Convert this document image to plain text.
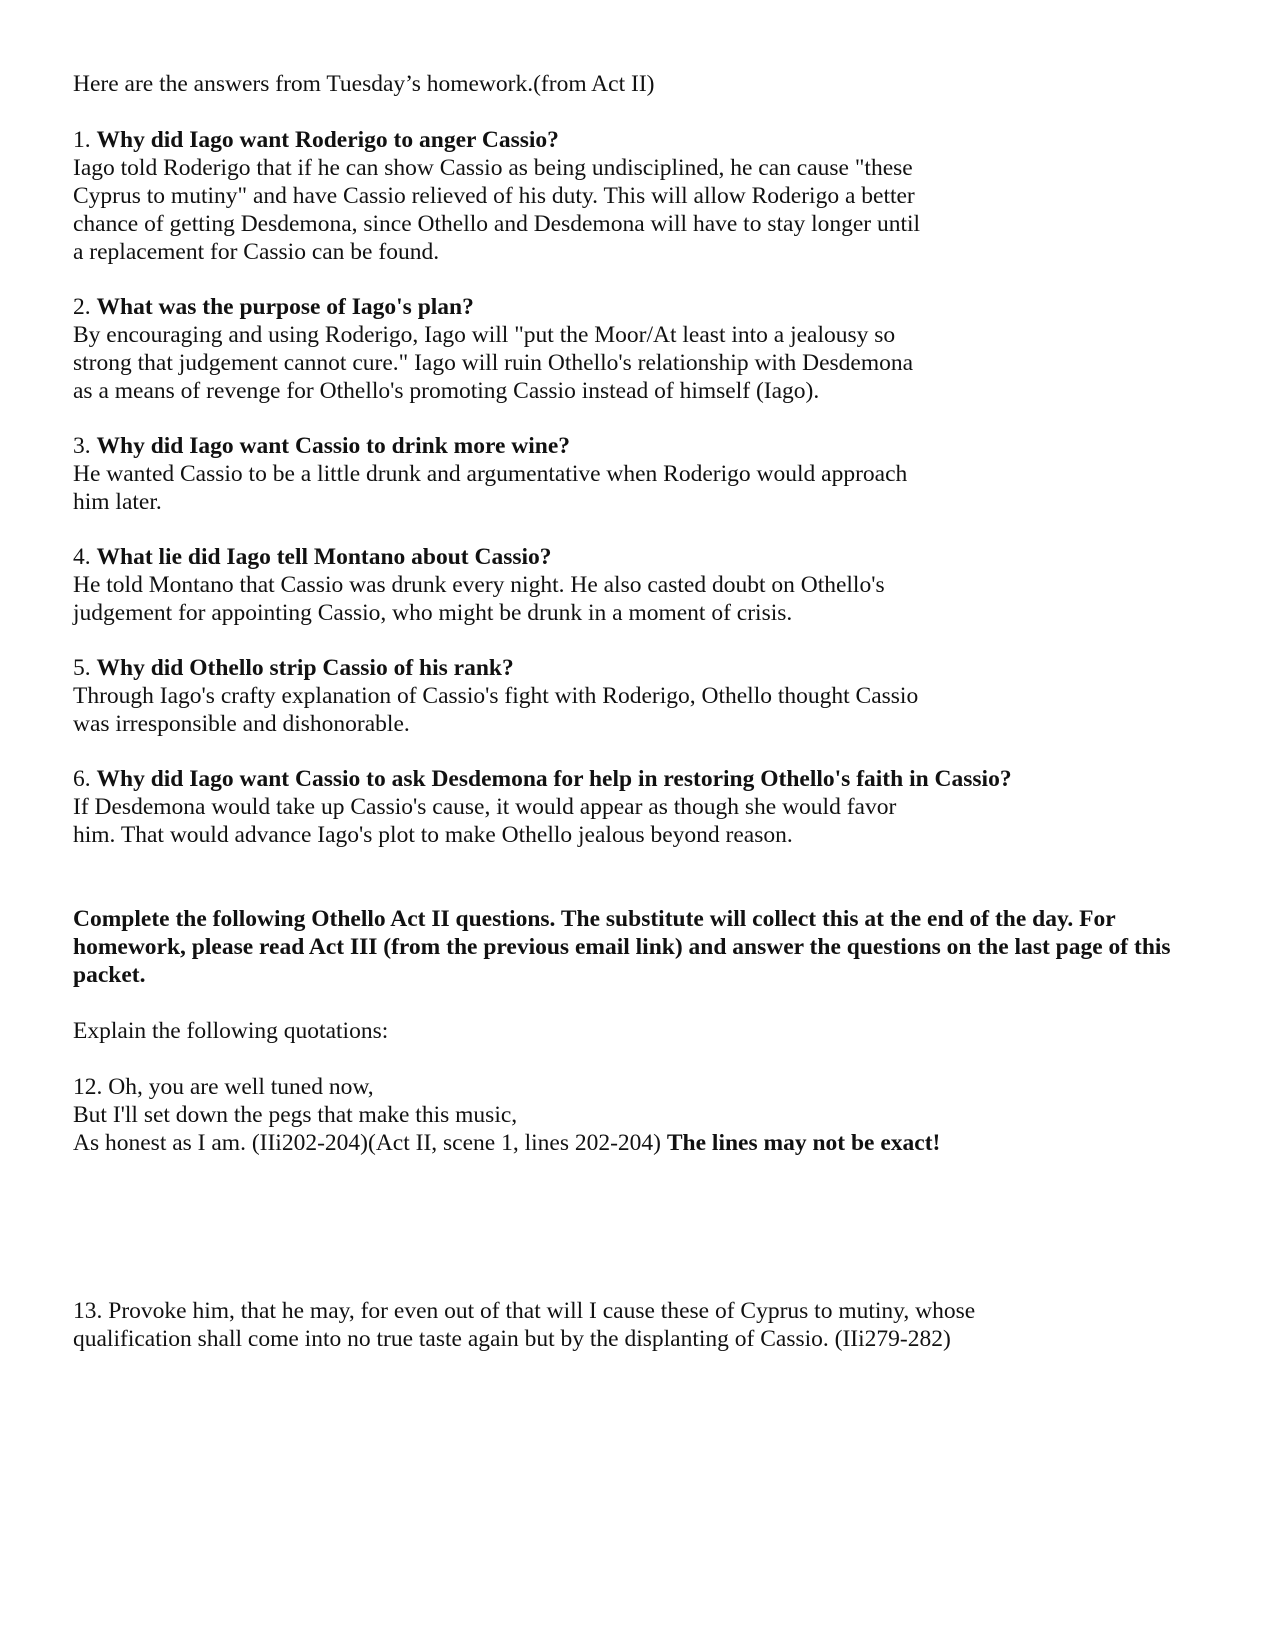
Here are the answers from Tuesday’s homework.(from Act II)

1. Why did Iago want Roderigo to anger Cassio?

Iago told Roderigo that if he can show Cassio as being undisciplined, he can cause "these
Cyprus to mutiny" and have Cassio relieved of his duty. This will allow Roderigo a better
chance of getting Desdemona, since Othello and Desdemona will have to stay longer until
a replacement for Cassio can be found.

2. What was the purpose of Iago's plan?

By encouraging and using Roderigo, Iago will "put the Moor/At least into a jealousy so
strong that judgement cannot cure." Iago will ruin Othello's relationship with Desdemona
as a means of revenge for Othello's promoting Cassio instead of himself (Iago).

3. Why did Iago want Cassio to drink more wine?

He wanted Cassio to be a little drunk and argumentative when Roderigo would approach
him later.

4. What lie did Iago tell Montano about Cassio?

He told Montano that Cassio was drunk every night. He also casted doubt on Othello's
judgement for appointing Cassio, who might be drunk in a moment of crisis.

5. Why did Othello strip Cassio of his rank?

Through Iago's crafty explanation of Cassio's fight with Roderigo, Othello thought Cassio
was irresponsible and dishonorable.

6. Why did Iago want Cassio to ask Desdemona for help in restoring Othello's faith in Cassio?

If Desdemona would take up Cassio's cause, it would appear as though she would favor
him. That would advance Iago's plot to make Othello jealous beyond reason.

Complete the following Othello Act II questions. The substitute will collect this at the end of the day. For homework, please read Act III (from the previous email link) and answer the questions on the last page of this packet.

Explain the following quotations:

12. Oh, you are well tuned now,

But I'll set down the pegs that make this music,

As honest as I am. (IIi202-204)(Act II, scene 1, lines 202-204) The lines may not be exact!

13. Provoke him, that he may, for even out of that will I cause these of Cyprus to mutiny, whose
qualification shall come into no true taste again but by the displanting of Cassio. (IIi279-282)
